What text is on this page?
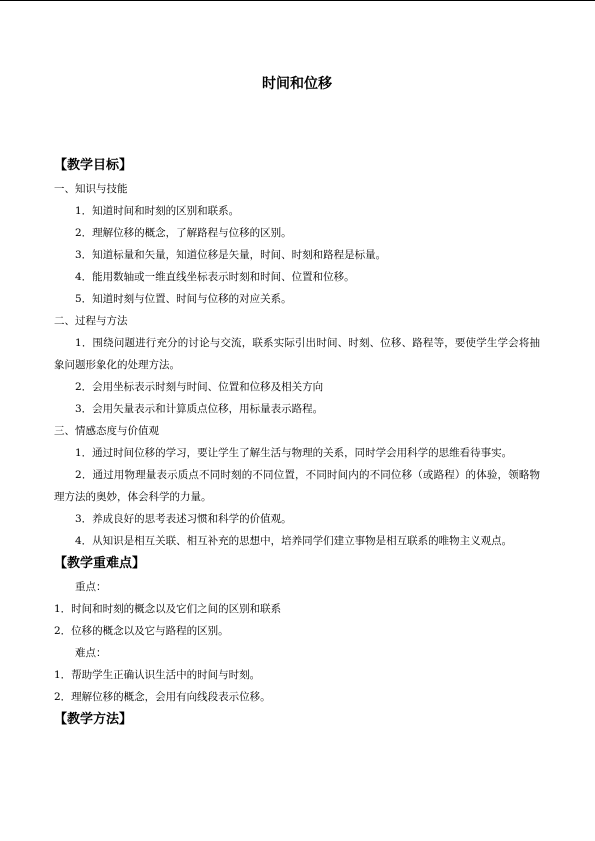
时间和位移
【教学目标】
一、知识与技能
1．知道时间和时刻的区别和联系。
2．理解位移的概念，了解路程与位移的区别。
3．知道标量和矢量，知道位移是矢量，时间、时刻和路程是标量。
4．能用数轴或一维直线坐标表示时刻和时间、位置和位移。
5．知道时刻与位置、时间与位移的对应关系。
二、过程与方法
1．围绕问题进行充分的讨论与交流，联系实际引出时间、时刻、位移、路程等，要使学生学会将抽象问题形象化的处理方法。
2．会用坐标表示时刻与时间、位置和位移及相关方向
3．会用矢量表示和计算质点位移，用标量表示路程。
三、情感态度与价值观
1．通过时间位移的学习，要让学生了解生活与物理的关系，同时学会用科学的思维看待事实。
2．通过用物理量表示质点不同时刻的不同位置，不同时间内的不同位移（或路程）的体验，领略物理方法的奥妙，体会科学的力量。
3．养成良好的思考表述习惯和科学的价值观。
4．从知识是相互关联、相互补充的思想中，培养同学们建立事物是相互联系的唯物主义观点。
【教学重难点】
重点：
1．时间和时刻的概念以及它们之间的区别和联系
2．位移的概念以及它与路程的区别。
难点：
1．帮助学生正确认识生活中的时间与时刻。
2．理解位移的概念，会用有向线段表示位移。
【教学方法】
